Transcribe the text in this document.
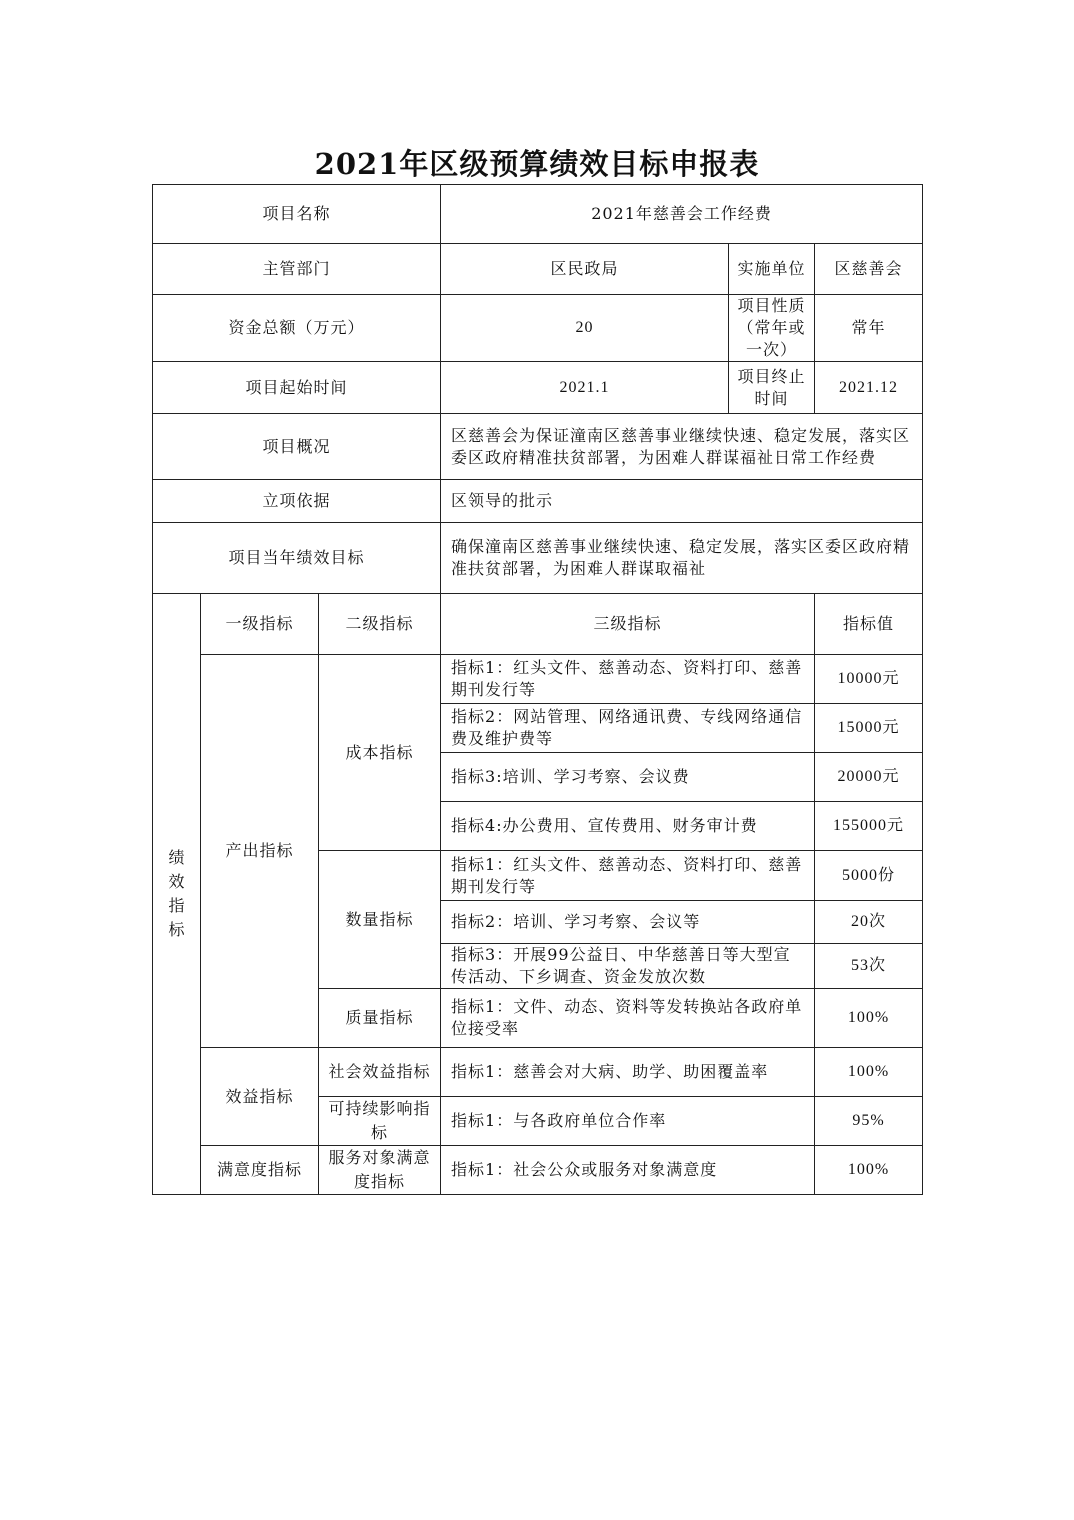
2021年区级预算绩效目标申报表
项目名称			2021年慈善会工作经费		
主管部门			区民政局	实施单位	区慈善会
资金总额（万元）			20	项目性质（常年或一次）	常年
项目起始时间			2021.1	项目终止时间	2021.12
项目概况			区慈善会为保证潼南区慈善事业继续快速、稳定发展，落实区委区政府精准扶贫部署，为困难人群谋福祉日常工作经费		
立项依据			区领导的批示		
项目当年绩效目标			确保潼南区慈善事业继续快速、稳定发展，落实区委区政府精准扶贫部署，为困难人群谋取福祉		
绩效指标	一级指标	二级指标	三级指标		指标值
	产出指标	成本指标	指标1：红头文件、慈善动态、资料打印、慈善期刊发行等		10000元
			指标2：网站管理、网络通讯费、专线网络通信费及维护费等		15000元
			指标3:培训、学习考察、会议费		20000元
			指标4:办公费用、宣传费用、财务审计费		155000元
		数量指标	指标1：红头文件、慈善动态、资料打印、慈善期刊发行等		5000份
			指标2：培训、学习考察、会议等		20次
			指标3：开展99公益日、中华慈善日等大型宣传活动、下乡调查、资金发放次数		53次
		质量指标	指标1：文件、动态、资料等发转换站各政府单位接受率		100%
	效益指标	社会效益指标	指标1：慈善会对大病、助学、助困覆盖率		100%
		可持续影响指标	指标1：与各政府单位合作率		95%
	满意度指标	服务对象满意度指标	指标1：社会公众或服务对象满意度		100%
